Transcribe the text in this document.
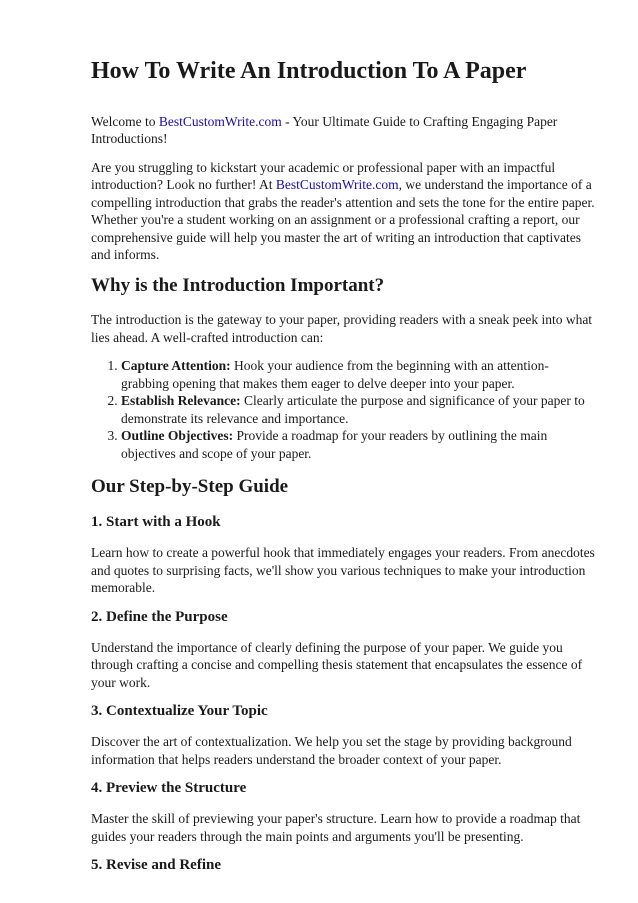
How To Write An Introduction To A Paper

Welcome to BestCustomWrite.com - Your Ultimate Guide to Crafting Engaging Paper Introductions!

Are you struggling to kickstart your academic or professional paper with an impactful introduction? Look no further! At BestCustomWrite.com, we understand the importance of a compelling introduction that grabs the reader's attention and sets the tone for the entire paper. Whether you're a student working on an assignment or a professional crafting a report, our comprehensive guide will help you master the art of writing an introduction that captivates and informs.

Why is the Introduction Important?

The introduction is the gateway to your paper, providing readers with a sneak peek into what lies ahead. A well-crafted introduction can:

1. Capture Attention: Hook your audience from the beginning with an attention-grabbing opening that makes them eager to delve deeper into your paper.
2. Establish Relevance: Clearly articulate the purpose and significance of your paper to demonstrate its relevance and importance.
3. Outline Objectives: Provide a roadmap for your readers by outlining the main objectives and scope of your paper.
Our Step-by-Step Guide
1. Start with a Hook

Learn how to create a powerful hook that immediately engages your readers. From anecdotes and quotes to surprising facts, we'll show you various techniques to make your introduction memorable.

2. Define the Purpose

Understand the importance of clearly defining the purpose of your paper. We guide you through crafting a concise and compelling thesis statement that encapsulates the essence of your work.

3. Contextualize Your Topic

Discover the art of contextualization. We help you set the stage by providing background information that helps readers understand the broader context of your paper.

4. Preview the Structure

Master the skill of previewing your paper's structure. Learn how to provide a roadmap that guides your readers through the main points and arguments you'll be presenting.

5. Revise and Refine
